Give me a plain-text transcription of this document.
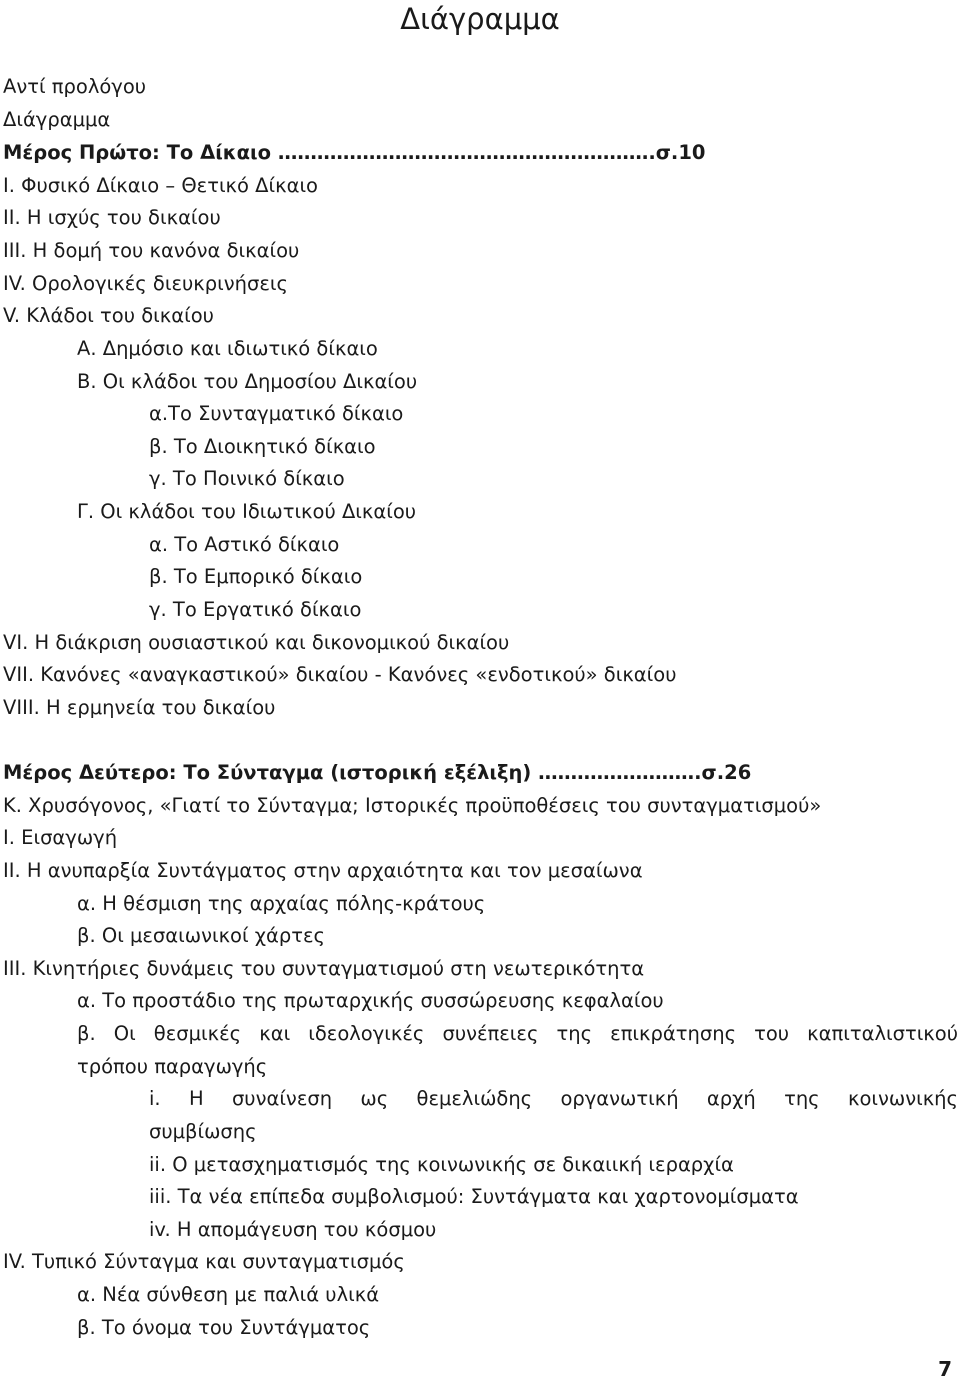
Διάγραμμα
Αντί προλόγου
Διάγραμμα
Μέρος Πρώτο: Το Δίκαιο ………………………………………………….σ.10
I. Φυσικό Δίκαιο – Θετικό Δίκαιο
II. Η ισχύς του δικαίου
III. Η δομή του κανόνα δικαίου
IV. Ορολογικές διευκρινήσεις
V. Κλάδοι του δικαίου
Α. Δημόσιο και ιδιωτικό δίκαιο
Β. Οι κλάδοι του Δημοσίου Δικαίου
α.Το Συνταγματικό δίκαιο
β. Το Διοικητικό δίκαιο
γ. Το Ποινικό δίκαιο
Γ. Οι κλάδοι του Ιδιωτικού Δικαίου
α. Το Αστικό δίκαιο
β. Το Εμπορικό δίκαιο
γ. Το Εργατικό δίκαιο
VI. Η διάκριση ουσιαστικού και δικονομικού δικαίου
VII. Κανόνες «αναγκαστικού» δικαίου - Κανόνες «ενδοτικού» δικαίου
VIII. Η ερμηνεία του δικαίου
Μέρος Δεύτερο: Το Σύνταγμα (ιστορική εξέλιξη) …………………….σ.26
Κ. Χρυσόγονος, «Γιατί το Σύνταγμα; Ιστορικές προϋποθέσεις του συνταγματισμού»
I. Εισαγωγή
II. Η ανυπαρξία Συντάγματος στην αρχαιότητα και τον μεσαίωνα
α. Η θέσμιση της αρχαίας πόλης-κράτους
β. Οι μεσαιωνικοί χάρτες
III. Κινητήριες δυνάμεις του συνταγματισμού στη νεωτερικότητα
α. Το προστάδιο της πρωταρχικής συσσώρευσης κεφαλαίου
β. Οι θεσμικές και ιδεολογικές συνέπειες της επικράτησης του καπιταλιστικού
τρόπου παραγωγής
i. Η συναίνεση ως θεμελιώδης οργανωτική αρχή της κοινωνικής
συμβίωσης
ii. Ο μετασχηματισμός της κοινωνικής σε δικαιική ιεραρχία
iii. Τα νέα επίπεδα συμβολισμού: Συντάγματα και χαρτονομίσματα
iv. Η απομάγευση του κόσμου
IV. Τυπικό Σύνταγμα και συνταγματισμός
α. Νέα σύνθεση με παλιά υλικά
β. Το όνομα του Συντάγματος
7
